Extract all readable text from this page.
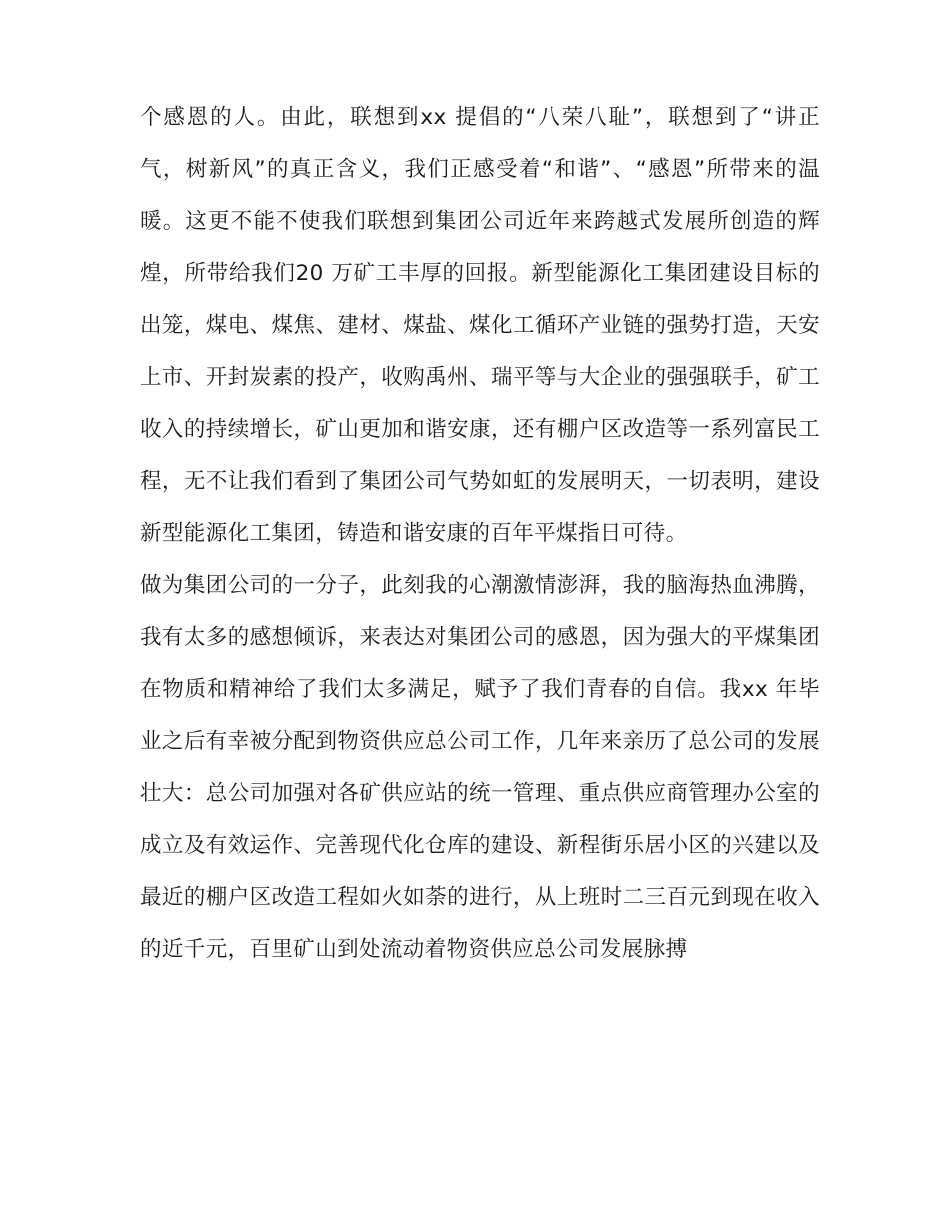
个感恩的人。由此，联想到xx 提倡的“八荣八耻”，联想到了“讲正气，树新风”的真正含义，我们正感受着“和谐”、“感恩”所带来的温暖。这更不能不使我们联想到集团公司近年来跨越式发展所创造的辉煌，所带给我们20 万矿工丰厚的回报。新型能源化工集团建设目标的出笼，煤电、煤焦、建材、煤盐、煤化工循环产业链的强势打造，天安上市、开封炭素的投产，收购禹州、瑞平等与大企业的强强联手，矿工收入的持续增长，矿山更加和谐安康，还有棚户区改造等一系列富民工程，无不让我们看到了集团公司气势如虹的发展明天，一切表明，建设新型能源化工集团，铸造和谐安康的百年平煤指日可待。

做为集团公司的一分子，此刻我的心潮激情澎湃，我的脑海热血沸腾，我有太多的感想倾诉，来表达对集团公司的感恩，因为强大的平煤集团在物质和精神给了我们太多满足，赋予了我们青春的自信。我xx 年毕业之后有幸被分配到物资供应总公司工作，几年来亲历了总公司的发展壮大：总公司加强对各矿供应站的统一管理、重点供应商管理办公室的成立及有效运作、完善现代化仓库的建设、新程街乐居小区的兴建以及最近的棚户区改造工程如火如荼的进行，从上班时二三百元到现在收入的近千元，百里矿山到处流动着物资供应总公司发展脉搏
